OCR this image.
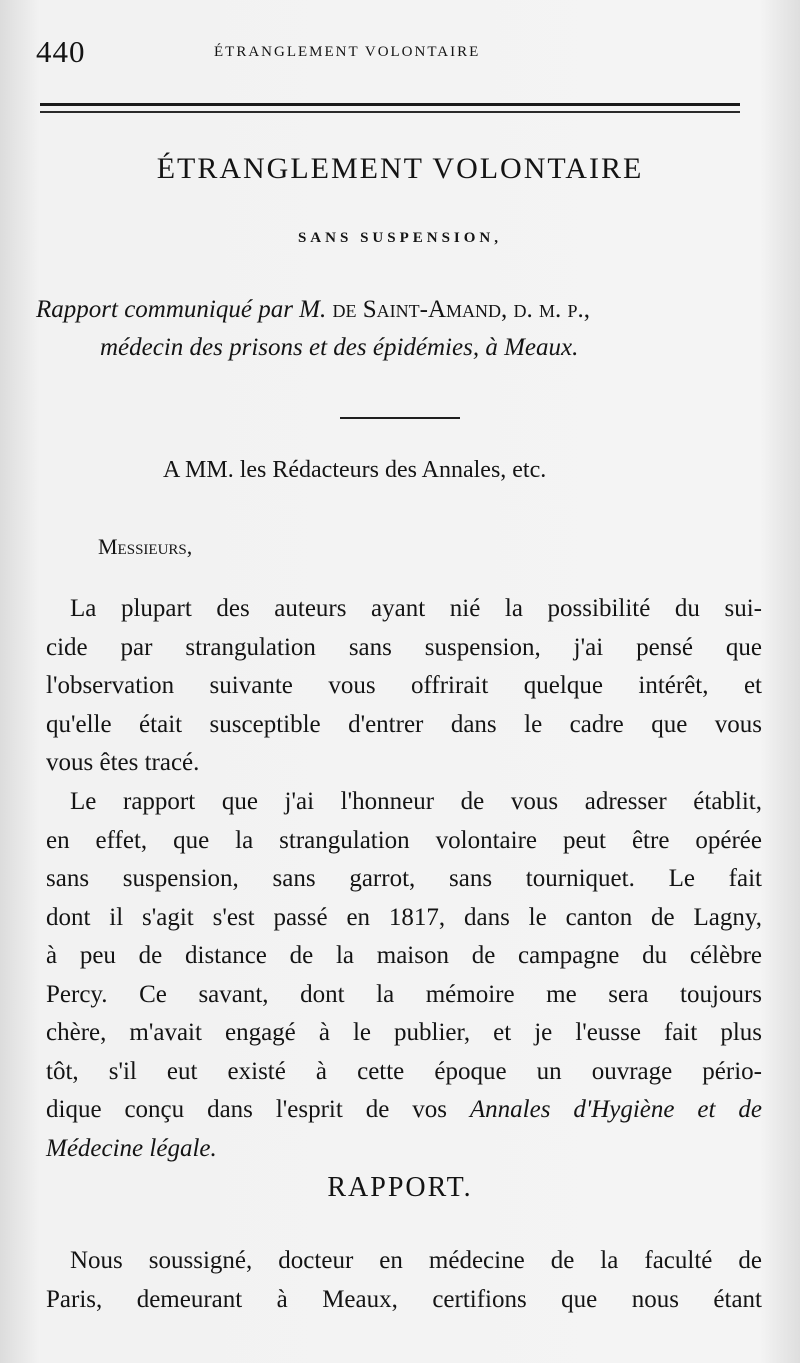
440	ÉTRANGLEMENT VOLONTAIRE
ÉTRANGLEMENT VOLONTAIRE
SANS SUSPENSION,
Rapport communiqué par M. de Saint-Amand, d. m. p.,
médecin des prisons et des épidémies, à Meaux.
A MM. les Rédacteurs des Annales, etc.
Messieurs,
La plupart des auteurs ayant nié la possibilité du sui-
cide par strangulation sans suspension, j'ai pensé que
l'observation suivante vous offrirait quelque intérêt, et
qu'elle était susceptible d'entrer dans le cadre que vous
vous êtes tracé.
Le rapport que j'ai l'honneur de vous adresser établit,
en effet, que la strangulation volontaire peut être opérée
sans suspension, sans garrot, sans tourniquet. Le fait
dont il s'agit s'est passé en 1817, dans le canton de Lagny,
à peu de distance de la maison de campagne du célèbre
Percy. Ce savant, dont la mémoire me sera toujours
chère, m'avait engagé à le publier, et je l'eusse fait plus
tôt, s'il eut existé à cette époque un ouvrage pério-
dique conçu dans l'esprit de vos Annales d'Hygiène et de
Médecine légale.
RAPPORT.
Nous soussigné, docteur en médecine de la faculté de
Paris, demeurant à Meaux, certifions que nous étant
